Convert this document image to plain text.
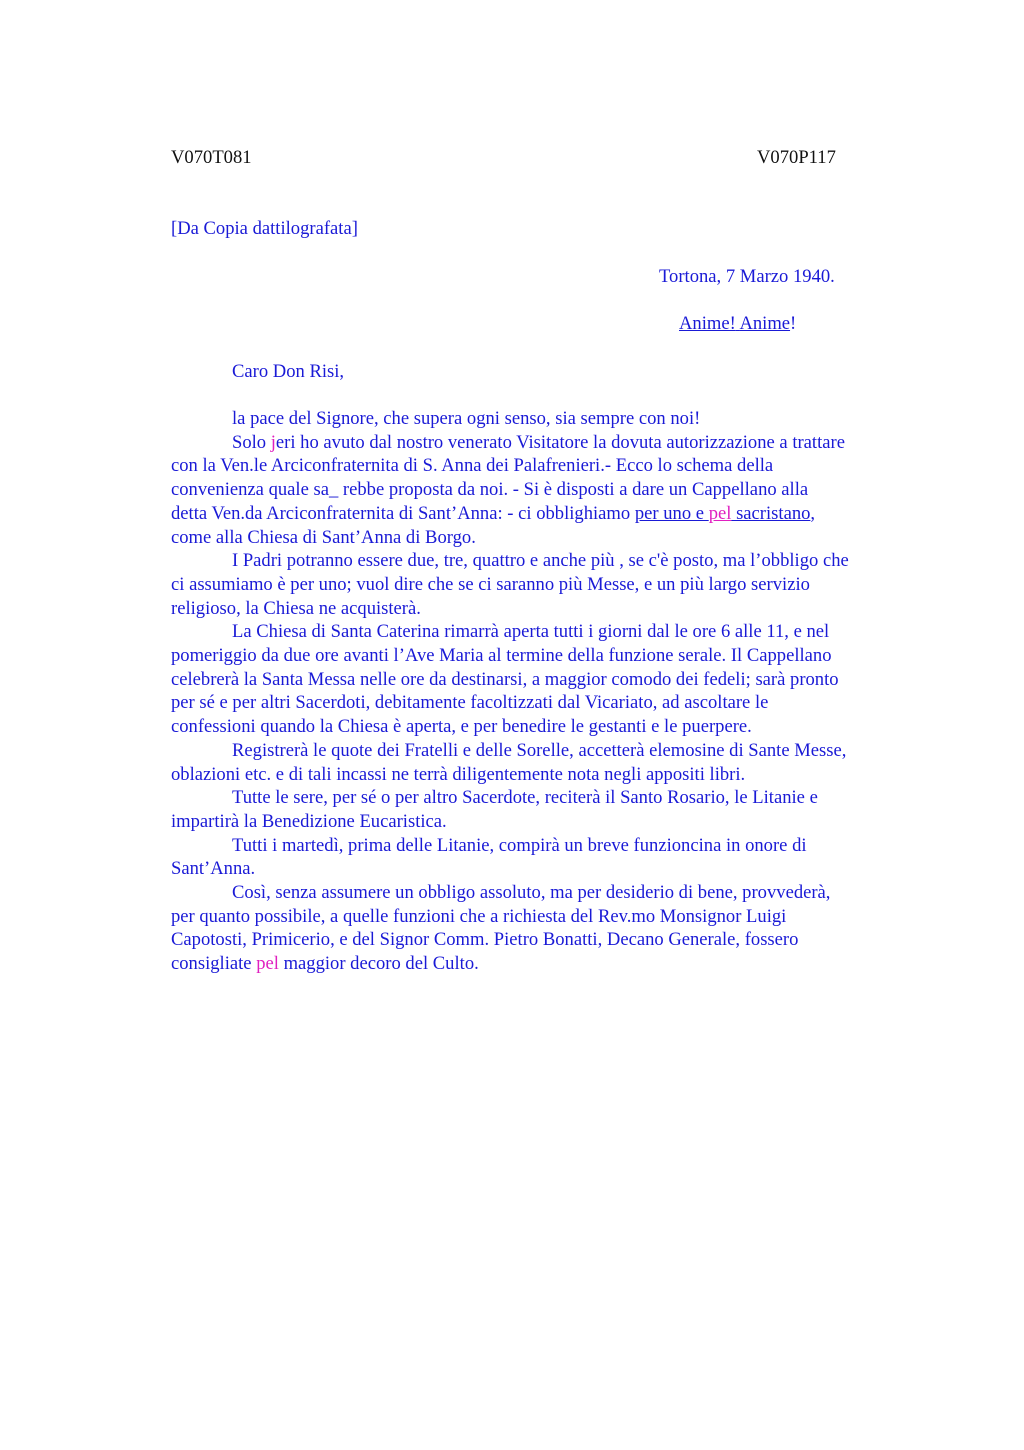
V070T081	V070P117
[Da Copia dattilografata]
Tortona, 7 Marzo 1940.
Anime! Anime!
Caro Don Risi,

la pace del Signore, che supera ogni senso, sia sempre con noi!

Solo jeri ho avuto dal nostro venerato Visitatore la dovuta autorizzazione a trattare
con la Ven.le Arciconfraternita di S. Anna dei Palafrenieri.- Ecco lo schema della
convenienza quale sa_ rebbe proposta da noi. - Si è disposti a dare un Cappellano alla
detta Ven.da Arciconfraternita di Sant’Anna: - ci obblighiamo per uno e pel sacristano,
come alla Chiesa di Sant’Anna di Borgo.

I Padri potranno essere due, tre, quattro e anche più , se c'è posto, ma l’obbligo che
ci assumiamo è per uno; vuol dire che se ci saranno più Messe, e un più largo servizio
religioso, la Chiesa ne acquisterà.

La Chiesa di Santa Caterina rimarrà aperta tutti i giorni dal le ore 6 alle 11, e nel
pomeriggio da due ore avanti l’Ave Maria al termine della funzione serale. Il Cappellano
celebrerà la Santa Messa nelle ore da destinarsi, a maggior comodo dei fedeli; sarà pronto
per sé e per altri Sacerdoti, debitamente facoltizzati dal Vicariato, ad ascoltare le
confessioni quando la Chiesa è aperta, e per benedire le gestanti e le puerpere.

Registrerà le quote dei Fratelli e delle Sorelle, accetterà elemosine di Sante Messe,
oblazioni etc. e di tali incassi ne terrà diligentemente nota negli appositi libri.

Tutte le sere, per sé o per altro Sacerdote, reciterà il Santo Rosario, le Litanie e
impartirà la Benedizione Eucaristica.

Tutti i martedì, prima delle Litanie, compirà un breve funzioncina in onore di
Sant’Anna.

Così, senza assumere un obbligo assoluto, ma per desiderio di bene, provvederà,
per quanto possibile, a quelle funzioni che a richiesta del Rev.mo Monsignor Luigi
Capotosti, Primicerio, e del Signor Comm. Pietro Bonatti, Decano Generale, fossero
consigliate pel maggior decoro del Culto.
